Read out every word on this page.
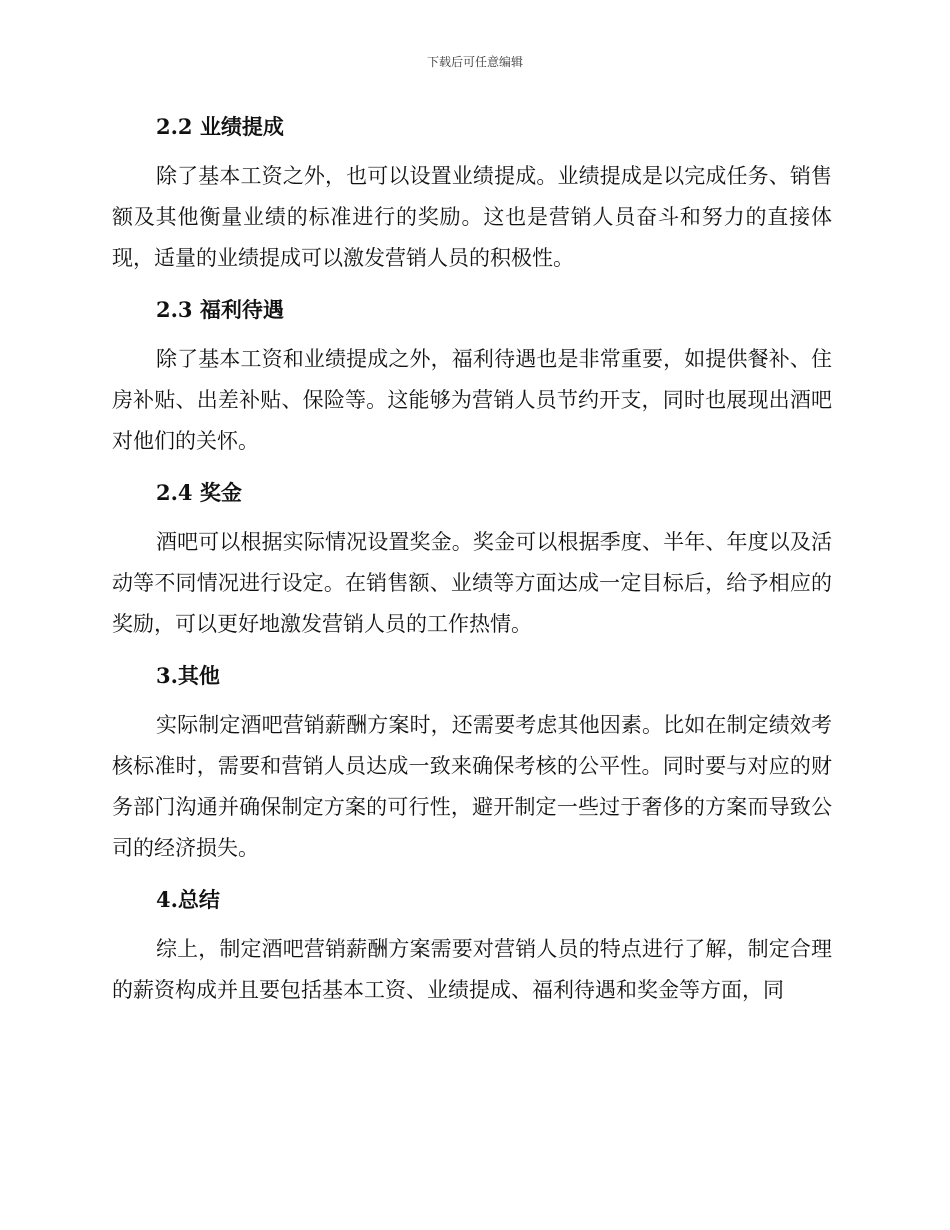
下载后可任意编辑
2.2 业绩提成

除了基本工资之外，也可以设置业绩提成。业绩提成是以完成任务、销售额及其他衡量业绩的标准进行的奖励。这也是营销人员奋斗和努力的直接体现，适量的业绩提成可以激发营销人员的积极性。

2.3 福利待遇

除了基本工资和业绩提成之外，福利待遇也是非常重要，如提供餐补、住房补贴、出差补贴、保险等。这能够为营销人员节约开支，同时也展现出酒吧对他们的关怀。

2.4 奖金

酒吧可以根据实际情况设置奖金。奖金可以根据季度、半年、年度以及活动等不同情况进行设定。在销售额、业绩等方面达成一定目标后，给予相应的奖励，可以更好地激发营销人员的工作热情。

3.其他

实际制定酒吧营销薪酬方案时，还需要考虑其他因素。比如在制定绩效考核标准时，需要和营销人员达成一致来确保考核的公平性。同时要与对应的财务部门沟通并确保制定方案的可行性，避开制定一些过于奢侈的方案而导致公司的经济损失。

4.总结

综上，制定酒吧营销薪酬方案需要对营销人员的特点进行了解，制定合理的薪资构成并且要包括基本工资、业绩提成、福利待遇和奖金等方面，同
